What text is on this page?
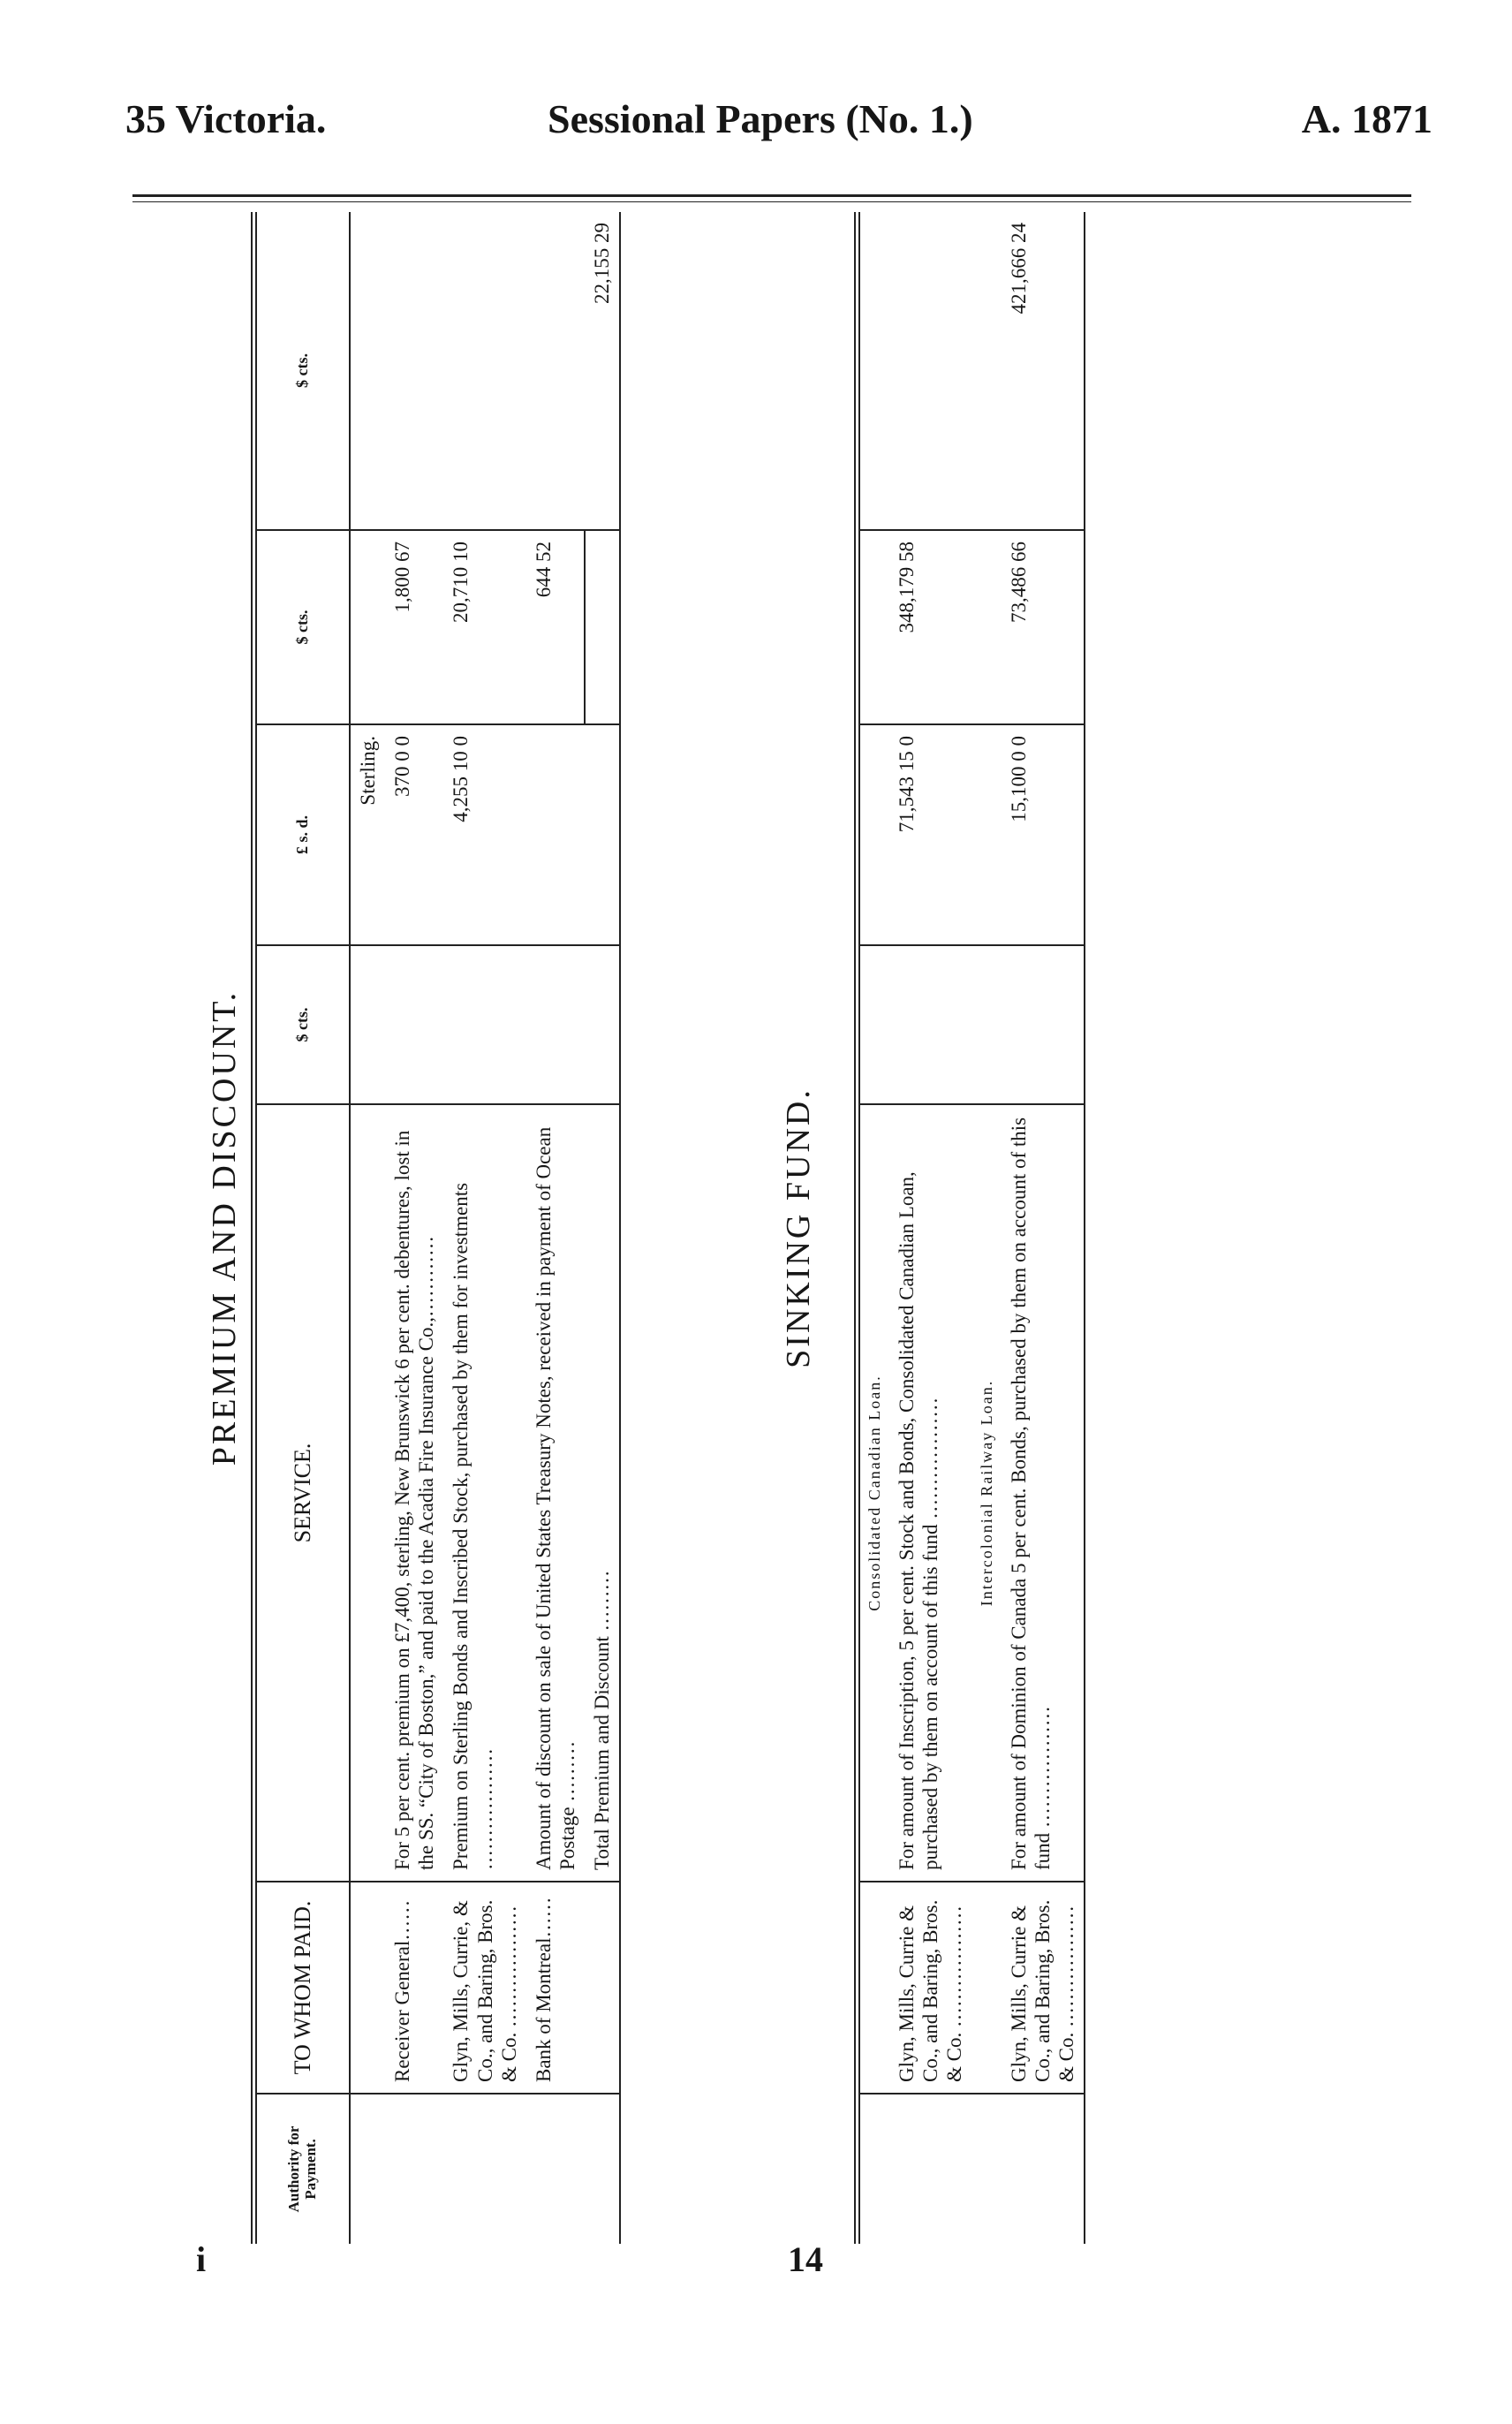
35 Victoria.	Sessional Papers (No. 1.)	A. 1871
PREMIUM AND DISCOUNT.
Authority for Payment.	TO WHOM PAID.	SERVICE.	$ cts.	£ s. d.	$ cts.	$ cts.
				Sterling.		
	Receiver General……	For 5 per cent. premium on £7,400, sterling, New Brunswick 6 per cent. debentures, lost in the SS. “City of Boston,” and paid to the Acadia Fire Insurance Co.,…………		370 0 0	1,800 67	
	Glyn, Mills, Currie, & Co., and Baring, Bros. & Co. ………………	Premium on Sterling Bonds and Inscribed Stock, purchased by them for investments ………………		4,255 10 0	20,710 10	
	Bank of Montreal……	Amount of discount on sale of United States Treasury Notes, received in payment of Ocean Postage ………			644 52	
		Total Premium and Discount ………				22,155 29
SINKING FUND.
		Consolidated Canadian Loan.				
	Glyn, Mills, Currie & Co., and Baring, Bros. & Co. ………………	For amount of Inscription, 5 per cent. Stock and Bonds, Consolidated Canadian Loan, purchased by them on account of this fund ………………		71,543 15 0	348,179 58	
		Intercolonial Railway Loan.				
	Glyn, Mills, Currie & Co., and Baring, Bros. & Co. ………………	For amount of Dominion of Canada 5 per cent. Bonds, purchased by them on account of this fund ………………		15,100 0 0	73,486 66	421,666 24
i	14
